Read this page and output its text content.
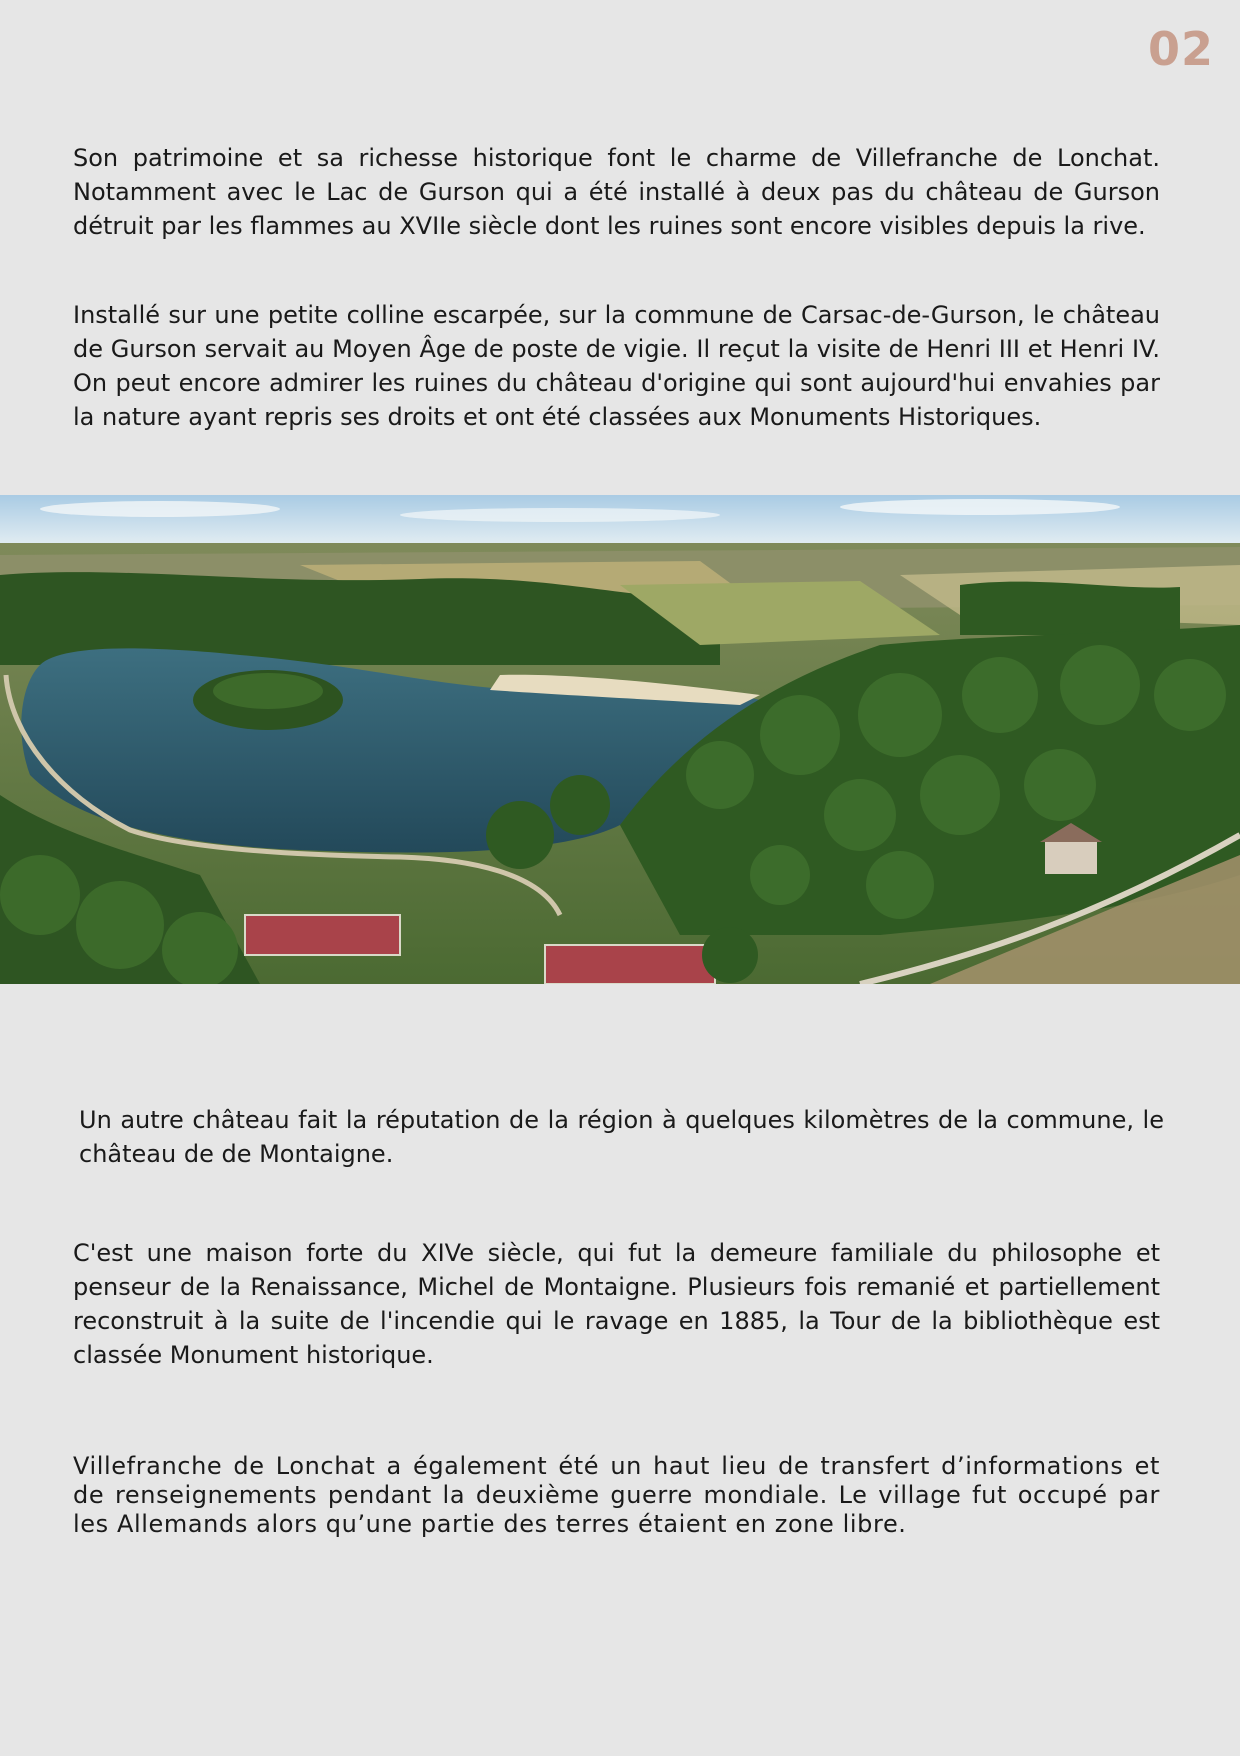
02

Son patrimoine et sa richesse historique font le charme de Villefranche de Lonchat. Notamment avec le Lac de Gurson qui a été installé à deux pas du château de Gurson détruit par les flammes au XVIIe siècle dont les ruines sont encore visibles depuis la rive.

Installé sur une petite colline escarpée, sur la commune de Carsac-de-Gurson, le château de Gurson servait au Moyen Âge de poste de vigie. Il reçut la visite de Henri III et Henri IV. On peut encore admirer les ruines du château d'origine qui sont aujourd'hui envahies par la nature ayant repris ses droits et ont été classées aux Monuments Historiques.

Un autre château fait la réputation de la région à quelques kilomètres de la commune, le château de de Montaigne.

C'est une maison forte du XIVe siècle, qui fut la demeure familiale du philosophe et penseur de la Renaissance, Michel de Montaigne. Plusieurs fois remanié et partiellement reconstruit à la suite de l'incendie qui le ravage en 1885, la Tour de la bibliothèque est classée Monument historique.

Villefranche de Lonchat a également été un haut lieu de transfert d’informations et de renseignements pendant la deuxième guerre mondiale. Le village fut occupé par les Allemands alors qu’une partie des terres étaient en zone libre.
